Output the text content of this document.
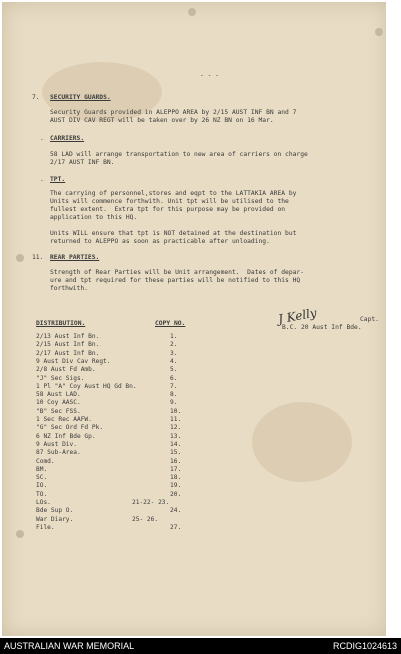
- - -
7. SECURITY GUARDS.
Security Guards provided in ALEPPO AREA by 2/15 AUST INF BN and 7
AUST DIV CAV REGT will be taken over by 26 NZ BN on 16 Mar.
. CARRIERS.
58 LAD will arrange transportation to new area of carriers on charge
2/17 AUST INF BN.
. TPT.
The carrying of personnel,stores and eqpt to the LATTAKIA AREA by
Units will commence forthwith. Unit tpt will be utilised to the
fullest extent.  Extra tpt for this purpose may be provided on
application to this HQ.
Units WILL ensure that tpt is NOT detained at the destination but
returned to ALEPPO as soon as practicable after unloading.
11. REAR PARTIES.
Strength of Rear Parties will be Unit arrangement.  Dates of depar-
ure and tpt required for these parties will be notified to this HQ
forthwith.
J Kelly	Capt.
B.C. 20 Aust Inf Bde.
DISTRIBUTION.	COPY NO.
2/13 Aust Inf Bn.	1.
2/15 Aust Inf Bn.	2.
2/17 Aust Inf Bn.	3.
9 Aust Div Cav Regt.	4.
2/8 Aust Fd Amb.	5.
"J" Sec Sigs.	6.
1 Pl "A" Coy Aust HQ Gd Bn.	7.
58 Aust LAD.	8.
10 Coy AASC.	9.
"B" Sec FSS.	10.
1 Sec Rec AAFW.	11.
"G" Sec Ord Fd Pk.	12.
6 NZ Inf Bde Gp.	13.
9 Aust Div.	14.
87 Sub-Area.	15.
Comd.	16.
BM.	17.
SC.	18.
IO.	19.
TO.	20.
LOs.	21-22- 23.
Bde Sup O.	24.
War Diary.	25- 26.
File.	27.
AUSTRALIAN WAR MEMORIAL	RCDIG1024613
